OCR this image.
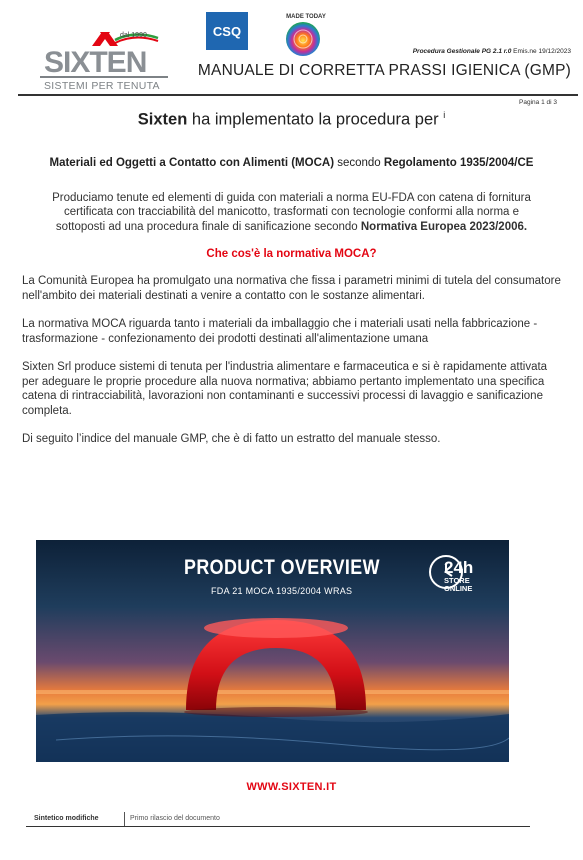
SIXTEN
dal 1990
SISTEMI PER TENUTA
CSQ
MADE TODAY
Procedura Gestionale PG 2.1 r.0 Emis.ne 19/12/2023
MANUALE DI CORRETTA PRASSI IGIENICA (GMP)
Pagina 1 di 3
Sixten ha implementato la procedura per $^i$
Materiali ed Oggetti a Contatto con Alimenti (MOCA) secondo Regolamento 1935/2004/CE
Produciamo tenute ed elementi di guida con materiali a norma EU-FDA con catena di fornitura certificata con tracciabilità del manicotto, trasformati con tecnologie conformi alla norma e sottoposti ad una procedura finale di sanificazione secondo Normativa Europea 2023/2006.
Che cos'è la normativa MOCA?

La Comunità Europea ha promulgato una normativa che fissa i parametri minimi di tutela del consumatore nell'ambito dei materiali destinati a venire a contatto con le sostanze alimentari.

La normativa MOCA riguarda tanto i materiali da imballaggio che i materiali usati nella fabbricazione - trasformazione - confezionamento dei prodotti destinati all'alimentazione umana

Sixten Srl produce sistemi di tenuta per l'industria alimentare e farmaceutica e si è rapidamente attivata per adeguare le proprie procedure alla nuova normativa; abbiamo pertanto implementato una specifica catena di rintracciabilità, lavorazioni non contaminanti e successivi processi di lavaggio e sanificazione completa.

Di seguito l’indice del manuale GMP, che è di fatto un estratto del manuale stesso.

PRODUCT OVERVIEW
FDA 21 MOCA 1935/2004 WRAS
24h
STORE
ONLINE
WWW.SIXTEN.IT
Sintetico modifiche	Primo rilascio del documento
